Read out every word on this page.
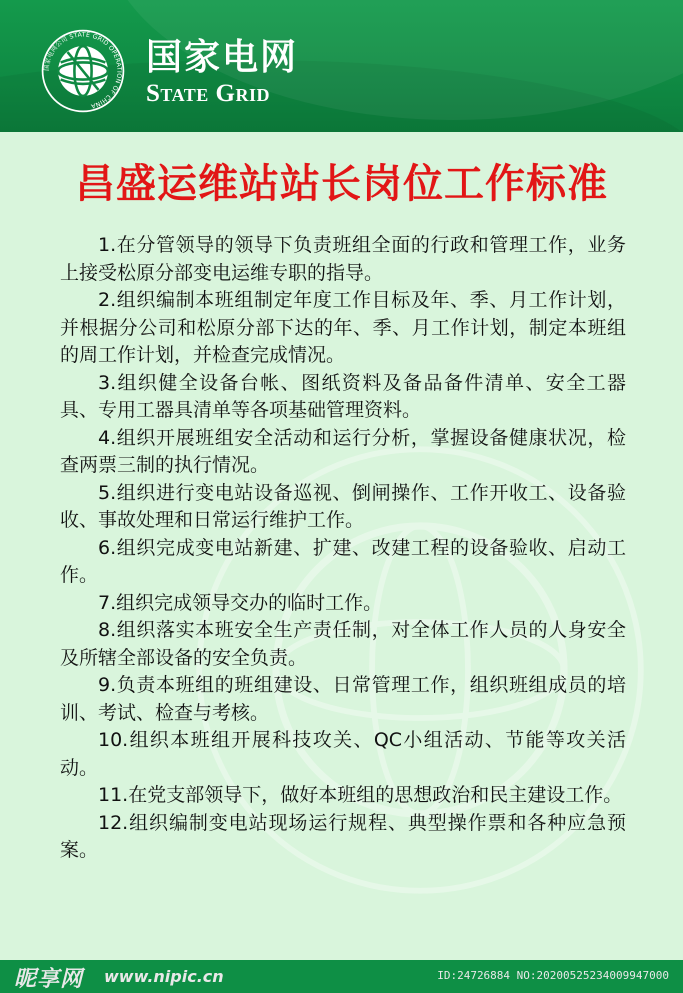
国家电网公司 STATE GRID OPERATION OF CHINA
国家电网
State Grid
昌盛运维站站长岗位工作标准

1.在分管领导的领导下负责班组全面的行政和管理工作，业务上接受松原分部变电运维专职的指导。

2.组织编制本班组制定年度工作目标及年、季、月工作计划，并根据分公司和松原分部下达的年、季、月工作计划，制定本班组的周工作计划，并检查完成情况。

3.组织健全设备台帐、图纸资料及备品备件清单、安全工器具、专用工器具清单等各项基础管理资料。

4.组织开展班组安全活动和运行分析，掌握设备健康状况，检查两票三制的执行情况。

5.组织进行变电站设备巡视、倒闸操作、工作开收工、设备验收、事故处理和日常运行维护工作。

6.组织完成变电站新建、扩建、改建工程的设备验收、启动工作。

7.组织完成领导交办的临时工作。

8.组织落实本班安全生产责任制，对全体工作人员的人身安全及所辖全部设备的安全负责。

9.负责本班组的班组建设、日常管理工作，组织班组成员的培训、考试、检查与考核。

10.组织本班组开展科技攻关、QC小组活动、节能等攻关活动。

11.在党支部领导下，做好本班组的思想政治和民主建设工作。

12.组织编制变电站现场运行规程、典型操作票和各种应急预案。

昵享网 www.nipic.cn	ID:24726884 NO:20200525234009947000
